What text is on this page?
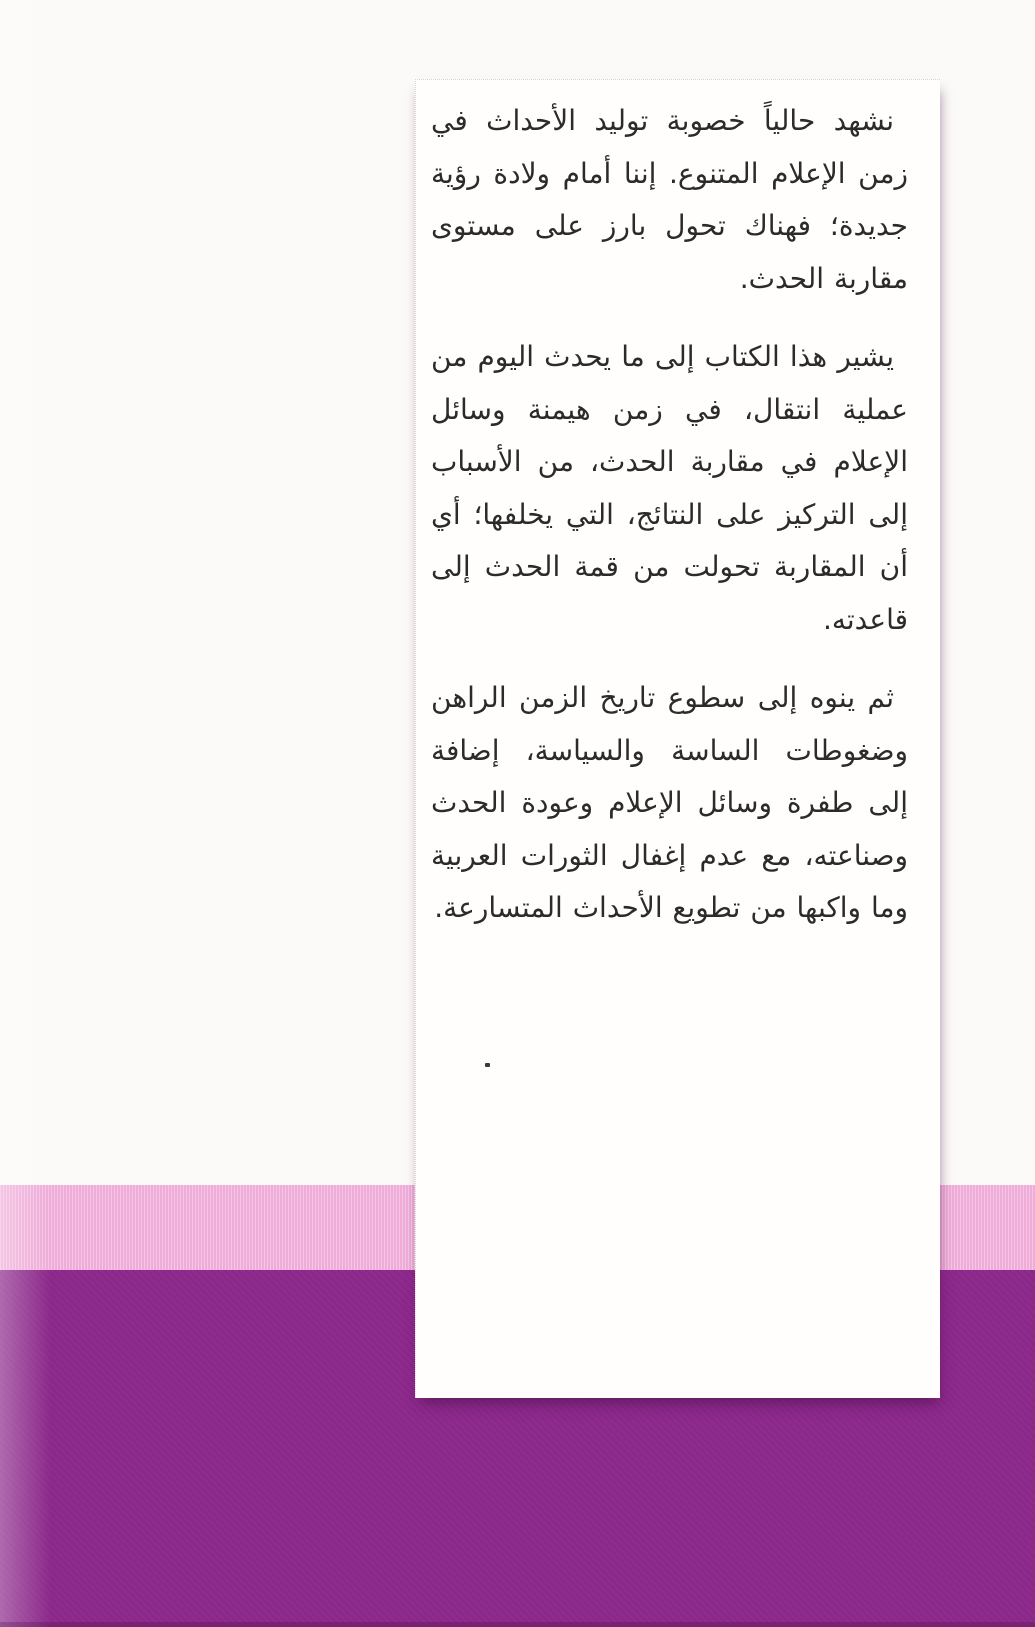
نشهد حالياً خصوبة توليد الأحداث في زمن الإعلام المتنوع. إننا أمام ولادة رؤية جديدة؛ فهناك تحول بارز على مستوى مقاربة الحدث.

يشير هذا الكتاب إلى ما يحدث اليوم من عملية انتقال، في زمن هيمنة وسائل الإعلام في مقاربة الحدث، من الأسباب إلى التركيز على النتائج، التي يخلفها؛ أي أن المقاربة تحولت من قمة الحدث إلى قاعدته.

ثم ينوه إلى سطوع تاريخ الزمن الراهن وضغوطات الساسة والسياسة، إضافة إلى طفرة وسائل الإعلام وعودة الحدث وصناعته، مع عدم إغفال الثورات العربية وما واكبها من تطويع الأحداث المتسارعة.
